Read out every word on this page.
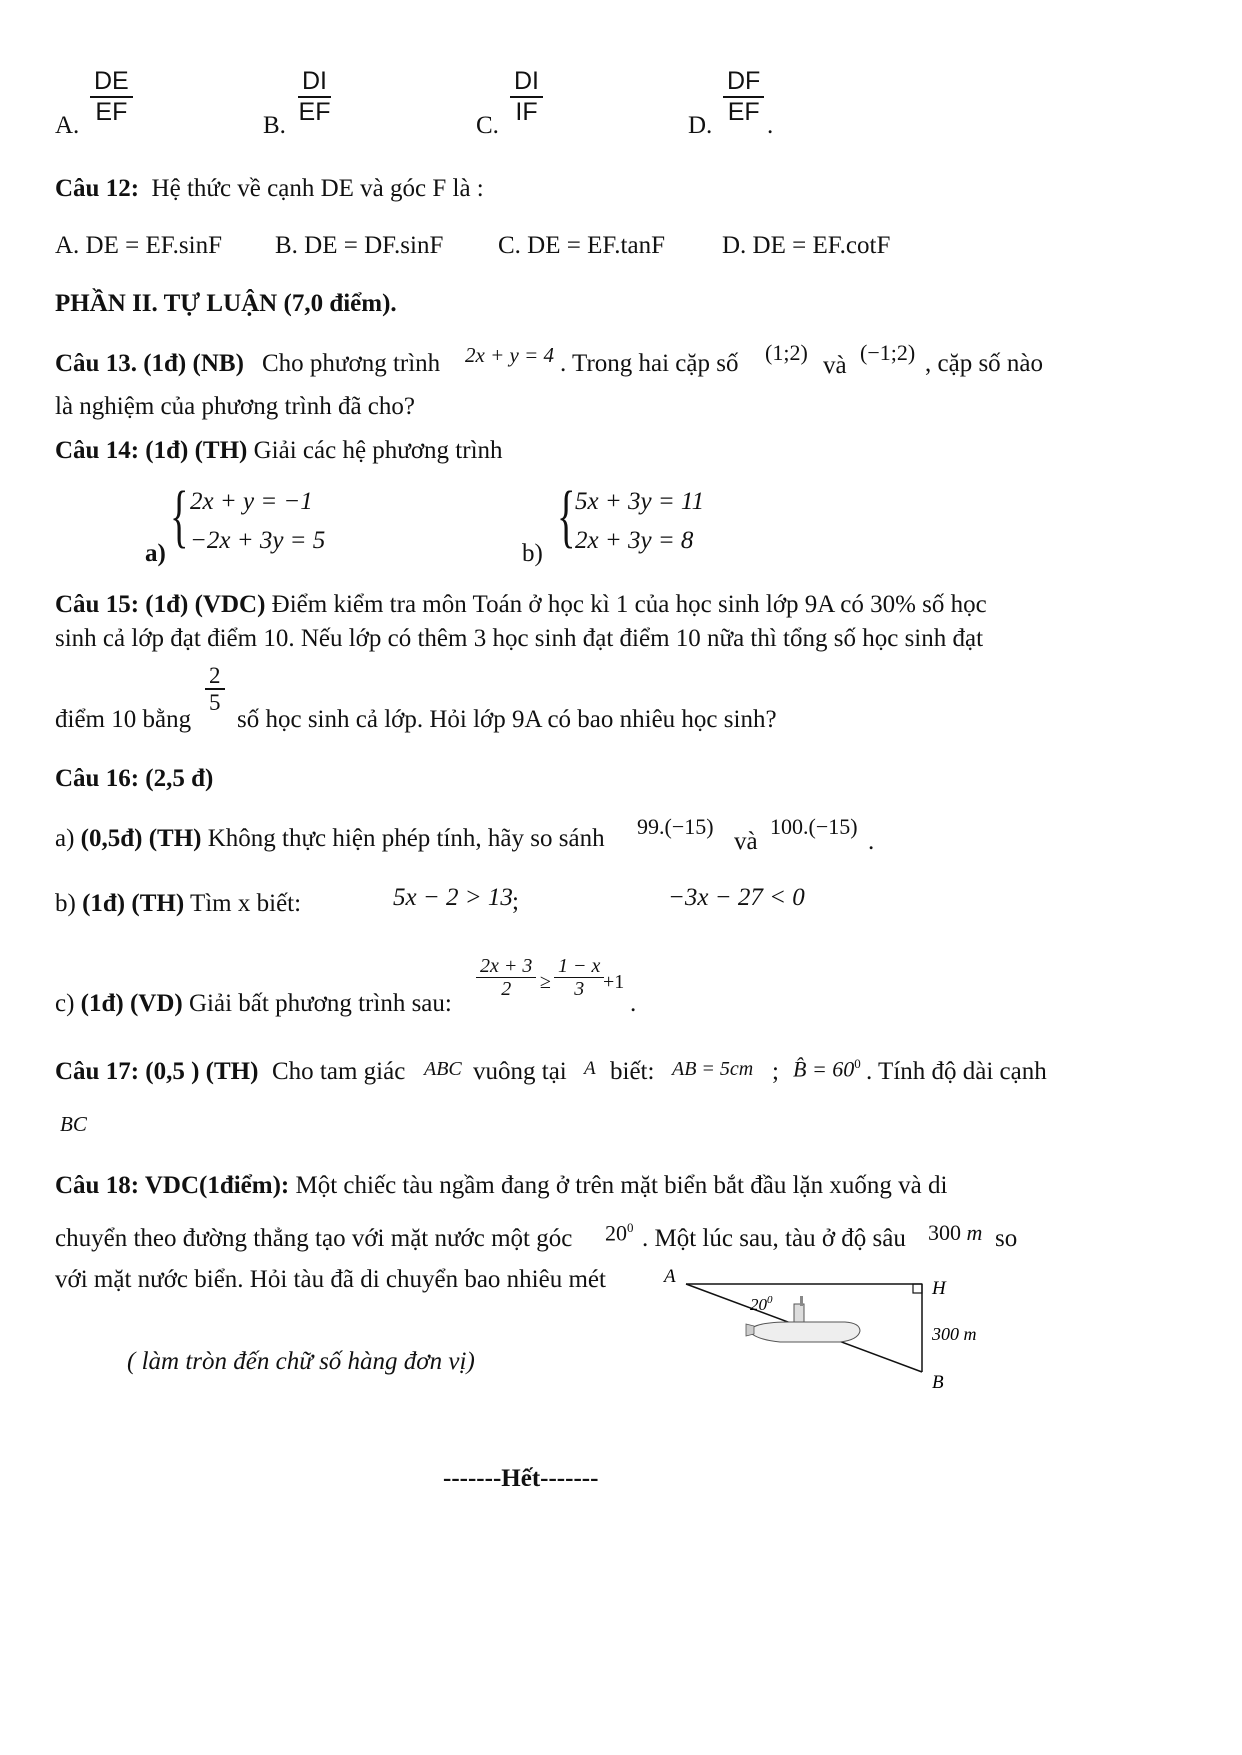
A. $\frac{DE}{EF}$	B. $\frac{DI}{EF}$	C. $\frac{DI}{IF}$	D. $\frac{DF}{EF}$ .
Câu 12: Hệ thức về cạnh DE và góc F là :
A. DE = EF.sinF B. DE = DF.sinF C. DE = EF.tanF D. DE = EF.cotF
PHẦN II. TỰ LUẬN (7,0 điểm).
Câu 13. (1đ) (NB) Cho phương trình 2x + y = 4 . Trong hai cặp số (1;2) và (−1;2) , cặp số nào
là nghiệm của phương trình đã cho?
Câu 14: (1đ) (TH) Giải các hệ phương trình
a) { 2x + y = −1
−2x + 3y = 5	b) { 5x + 3y = 11
2x + 3y = 8
Câu 15: (1đ) (VDC) Điểm kiểm tra môn Toán ở học kì 1 của học sinh lớp 9A có 30% số học
sinh cả lớp đạt điểm 10. Nếu lớp có thêm 3 học sinh đạt điểm 10 nữa thì tổng số học sinh đạt
điểm 10 bằng
$\frac{2}{5}$
số học sinh cả lớp. Hỏi lớp 9A có bao nhiêu học sinh?
Câu 16: (2,5 đ)
a) (0,5đ) (TH) Không thực hiện phép tính, hãy so sánh 99.(−15)
và
100.(−15)
.
b) (1đ) (TH) Tìm x biết:	5x − 2 > 13 ;	−3x − 27 < 0
c) (1đ) (VD) Giải bất phương trình sau:
$\frac{2x + 3}{2} \ge \frac{1 - x}{3}$
+1
.
Câu 17: (0,5 ) (TH) Cho tam giác ABC vuông tại A biết: AB = 5cm ; B̂ = $60^0$ . Tính độ dài cạnh
BC
Câu 18: VDC(1điểm): Một chiếc tàu ngầm đang ở trên mặt biển bắt đầu lặn xuống và di
chuyển theo đường thẳng tạo với mặt nước một góc $20^0$ . Một lúc sau, tàu ở độ sâu 300 m so
với mặt nước biển. Hỏi tàu đã di chuyển bao nhiêu mét
( làm tròn đến chữ số hàng đơn vị)
A
H
B
$20^0$
300 m
-------Hết-------
